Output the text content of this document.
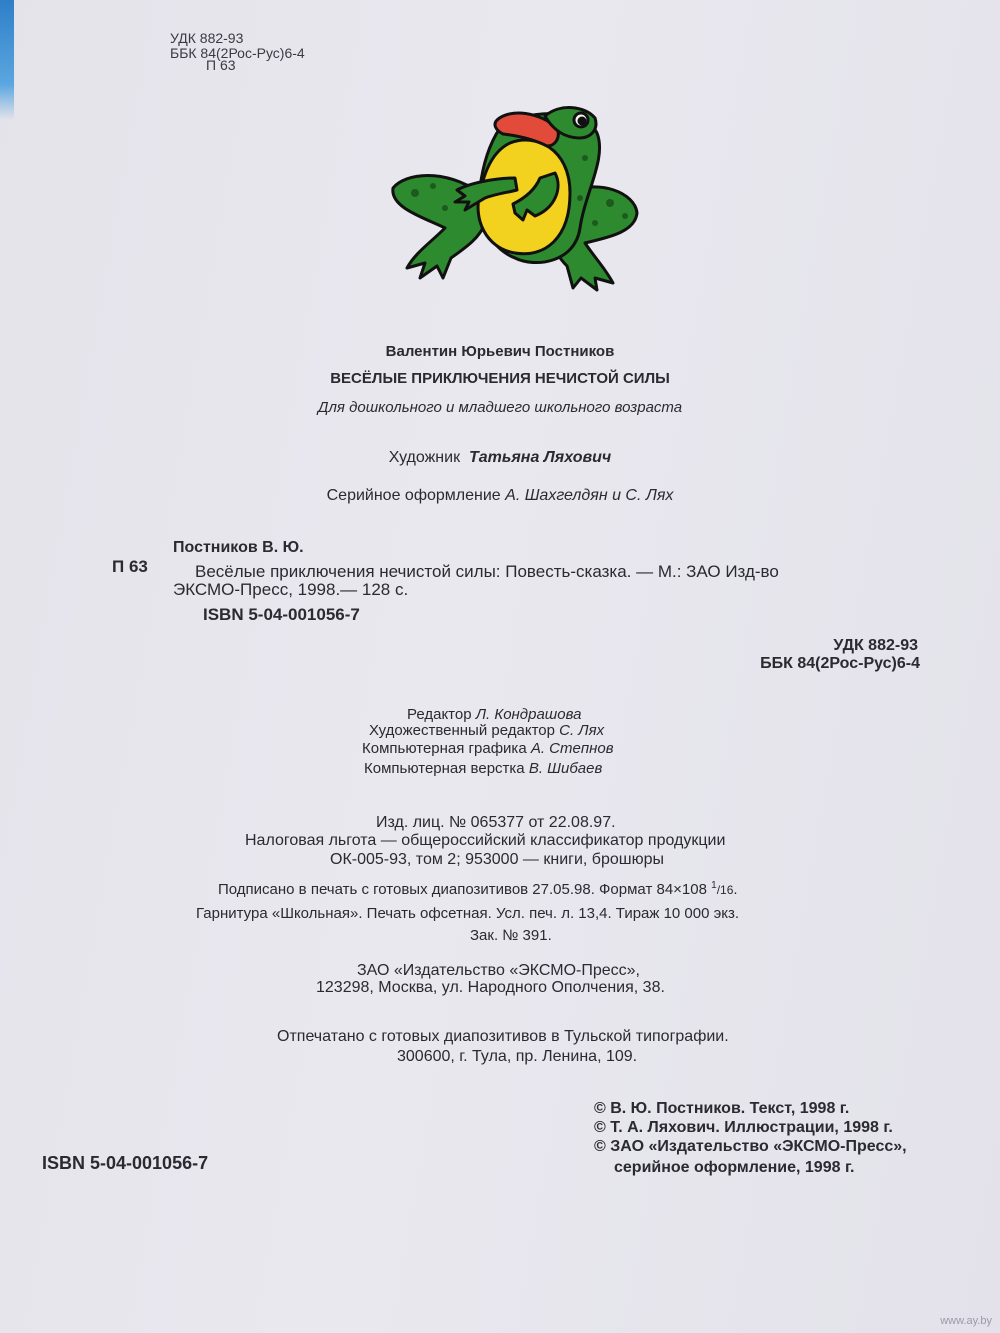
УДК 882-93
ББК 84(2Рос-Рус)6-4
П 63
Валентин Юрьевич Постников
ВЕСЁЛЫЕ ПРИКЛЮЧЕНИЯ НЕЧИСТОЙ СИЛЫ
Для дошкольного и младшего школьного возраста
Художник Татьяна Ляхович
Серийное оформление А. Шахгелдян и С. Лях
Постников В. Ю.
П 63	Весёлые приключения нечистой силы: Повесть-сказка. — М.: ЗАО Изд-во
ЭКСМО-Пресс, 1998.— 128 с.
ISBN 5-04-001056-7
УДК 882-93
ББК 84(2Рос-Рус)6-4
Редактор Л. Кондрашова
Художественный редактор С. Лях
Компьютерная графика А. Степнов
Компьютерная верстка В. Шибаев
Изд. лиц. № 065377 от 22.08.97.
Налоговая льгота — общероссийский классификатор продукции
ОК-005-93, том 2; 953000 — книги, брошюры
Подписано в печать с готовых диапозитивов 27.05.98. Формат 84×108 $^1$/16.
Гарнитура «Школьная». Печать офсетная. Усл. печ. л. 13,4. Тираж 10 000 экз.
Зак. № 391.
ЗАО «Издательство «ЭКСМО-Пресс»,
123298, Москва, ул. Народного Ополчения, 38.
Отпечатано с готовых диапозитивов в Тульской типографии.
300600, г. Тула, пр. Ленина, 109.
ISBN 5-04-001056-7
© В. Ю. Постников. Текст, 1998 г.
© Т. А. Ляхович. Иллюстрации, 1998 г.
© ЗАО «Издательство «ЭКСМО-Пресс»,
серийное оформление, 1998 г.
www.ay.by
